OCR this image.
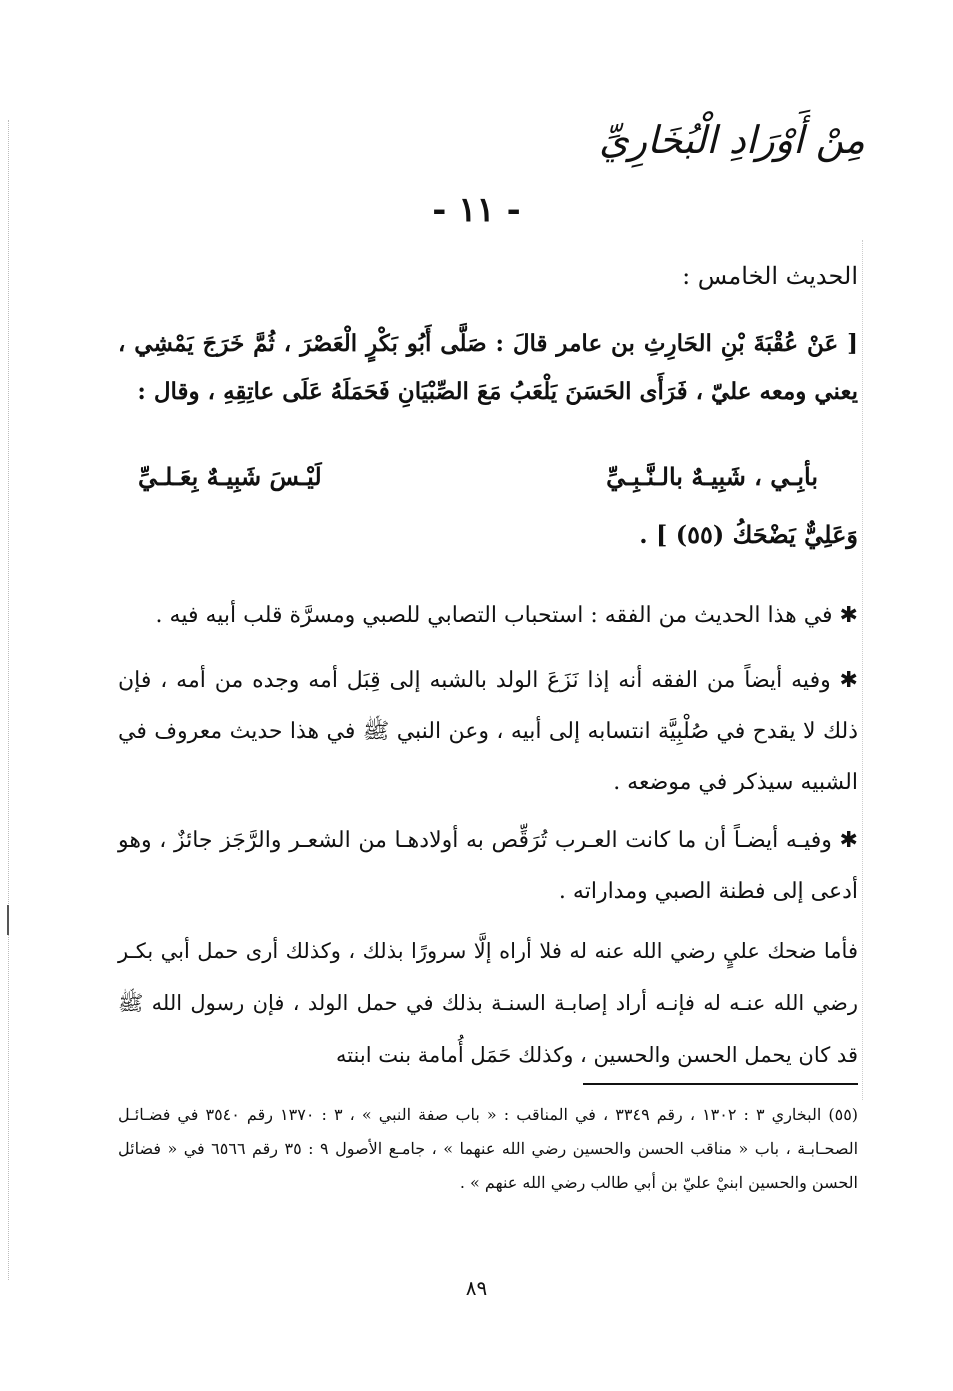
مِنْ أَوْرَادِ الْبُخَارِيِّ
- ١١ -
الحديث الخامس :
[ عَنْ عُقْبَةَ بْنِ الحَارِثِ بن عامر قالَ : صَلَّى أَبُو بَكْرٍ الْعَصْرَ ، ثُمَّ خَرَجَ يَمْشِي ، يعني ومعه عليّ ، فَرَأَى الحَسَنَ يَلْعَبُ مَعَ الصِّبْيَانِ فَحَمَلَهُ عَلَى عاتِقِهِ ، وقال :
بأبِـي ، شَبِيـهٌ بالـنَّـبِـيِّ
لَيْـسَ شَبِيـهٌ بِعَـلـيِّ
وَعَلِيٌّ يَضْحَكُ (٥٥) ] .
✱ في هذا الحديث من الفقه : استحباب التصابي للصبي ومسرَّة قلب أبيه فيه .
✱ وفيه أيضاً من الفقه أنه إذا نَزَعَ الولد بالشبه إلى قِبَل أمه وجده من أمه ، فإن ذلك لا يقدح في صُلْبِيَّة انتسابه إلى أبيه ، وعن النبي ﷺ في هذا حديث معروف في الشبيه سيذكر في موضعه .
✱ وفيـه أيضـاً أن ما كانت العـرب تُرَقِّص به أولادهـا من الشعـر والرَّجَز جائزٌ ، وهو أدعى إلى فطنة الصبي ومداراته .
فأما ضحك عليٍ رضي الله عنه له فلا أراه إلَّا سرورًا بذلك ، وكذلك أرى حمل أبي بكـر رضي الله عنـه له فإنـه أراد إصابـة السنـة بذلك في حمل الولد ، فإن رسول الله ﷺ قد كان يحمل الحسن والحسين ، وكذلك حَمَل أُمامة بنت ابنته
(٥٥) البخاري ٣ : ١٣٠٢ ، رقم ٣٣٤٩ ، في المناقب : « باب صفة النبي » ، ٣ : ١٣٧٠ رقم ٣٥٤٠ في فضـائـل الصحـابـة ، باب « مناقب الحسن والحسين رضي الله عنهما » ، جامـع الأصول ٩ : ٣٥ رقم ٦٥٦٦ في « فضائل الحسن والحسين ابنيْ عليّ بن أبي طالب رضي الله عنهم » .
٨٩
